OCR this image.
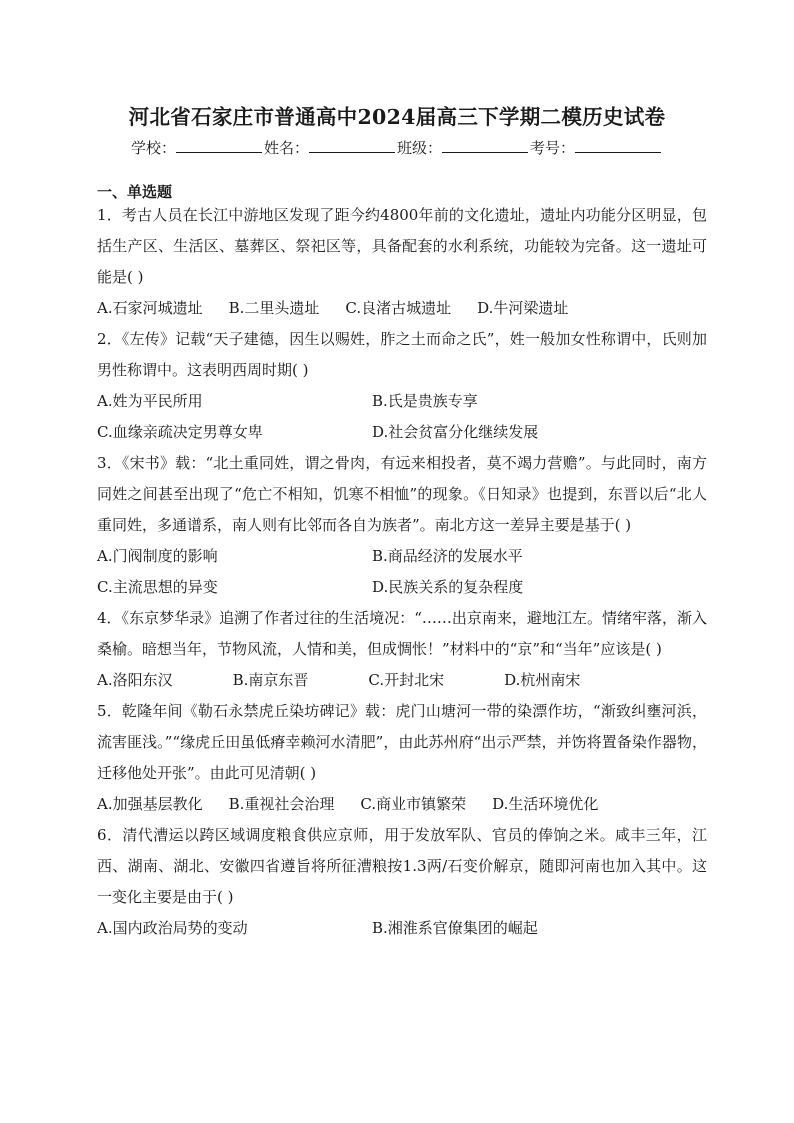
河北省石家庄市普通高中2024届高三下学期二模历史试卷
学校：	姓名：	班级：	考号：
一、单选题

1．考古人员在长江中游地区发现了距今约4800年前的文化遗址，遗址内功能分区明显，包括生产区、生活区、墓葬区、祭祀区等，具备配套的水利系统，功能较为完备。这一遗址可能是( )

A.石家河城遗址 B.二里头遗址 C.良渚古城遗址 D.牛河梁遗址

2．《左传》记载“天子建德，因生以赐姓，胙之土而命之氏”，姓一般加女性称谓中，氏则加男性称谓中。这表明西周时期( )

A.姓为平民所用	B.氏是贵族专享
C.血缘亲疏决定男尊女卑	D.社会贫富分化继续发展

3．《宋书》载：“北土重同姓，谓之骨肉，有远来相投者，莫不竭力营赡”。与此同时，南方同姓之间甚至出现了“危亡不相知，饥寒不相恤”的现象。《日知录》也提到，东晋以后“北人重同姓，多通谱系，南人则有比邻而各自为族者”。南北方这一差异主要是基于( )

A.门阀制度的影响	B.商品经济的发展水平
C.主流思想的异变	D.民族关系的复杂程度

4．《东京梦华录》追溯了作者过往的生活境况：“……出京南来，避地江左。情绪牢落，渐入桑榆。暗想当年，节物风流，人情和美，但成惆怅！”材料中的“京”和“当年”应该是( )

A.洛阳东汉	B.南京东晋	C.开封北宋	D.杭州南宋

5．乾隆年间《勒石永禁虎丘染坊碑记》载：虎门山塘河一带的染漂作坊，“渐致纠壅河浜，流害匪浅。”“缘虎丘田虽低瘠幸赖河水清肥”，由此苏州府“出示严禁，并饬将置备染作器物，迁移他处开张”。由此可见清朝( )

A.加强基层教化 B.重视社会治理 C.商业市镇繁荣 D.生活环境优化

6．清代漕运以跨区域调度粮食供应京师，用于发放军队、官员的俸饷之米。咸丰三年，江西、湖南、湖北、安徽四省遵旨将所征漕粮按1.3两/石变价解京，随即河南也加入其中。这一变化主要是由于( )

A.国内政治局势的变动	B.湘淮系官僚集团的崛起
